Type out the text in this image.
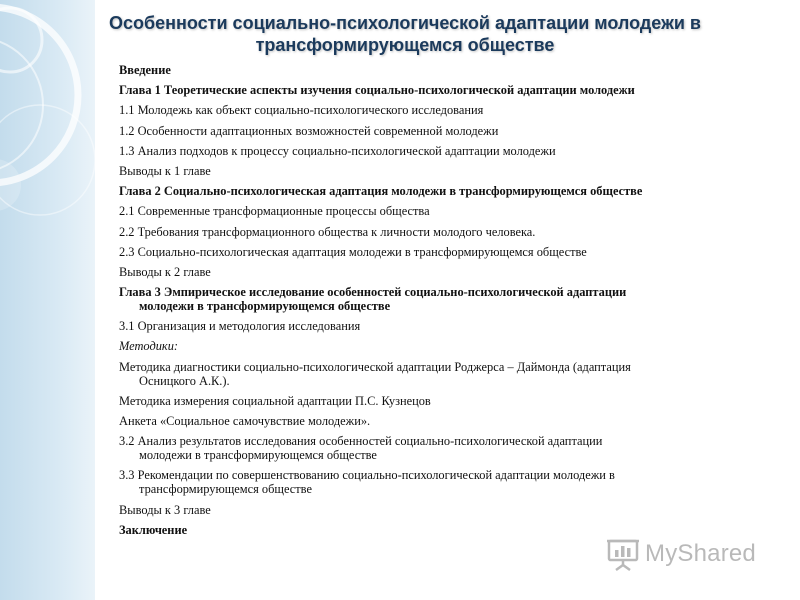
Особенности социально-психологической адаптации молодежи в
трансформирующемся обществе
Введение
Глава 1 Теоретические аспекты изучения социально-психологической адаптации молодежи
1.1 Молодежь как объект социально-психологического исследования
1.2 Особенности адаптационных возможностей современной молодежи
1.3 Анализ подходов к процессу социально-психологической адаптации молодежи
Выводы к 1 главе
Глава 2 Социально-психологическая адаптация молодежи в трансформирующемся обществе
2.1 Современные трансформационные процессы общества
2.2 Требования трансформационного общества к личности молодого человека.
2.3 Социально-психологическая адаптация молодежи в трансформирующемся обществе
Выводы к 2 главе
Глава 3 Эмпирическое исследование особенностей социально-психологической адаптации
молодежи в трансформирующемся обществе
3.1 Организация и методология исследования
Методики:
Методика диагностики социально-психологической адаптации Роджерса – Даймонда (адаптация
Осницкого А.К.).
Методика измерения социальной адаптации П.С. Кузнецов
Анкета «Социальное самочувствие молодежи».
3.2 Анализ результатов исследования особенностей социально-психологической адаптации
молодежи в трансформирующемся обществе
3.3 Рекомендации по совершенствованию социально-психологической адаптации молодежи в
трансформирующемся обществе
Выводы к 3 главе
Заключение
MyShared
